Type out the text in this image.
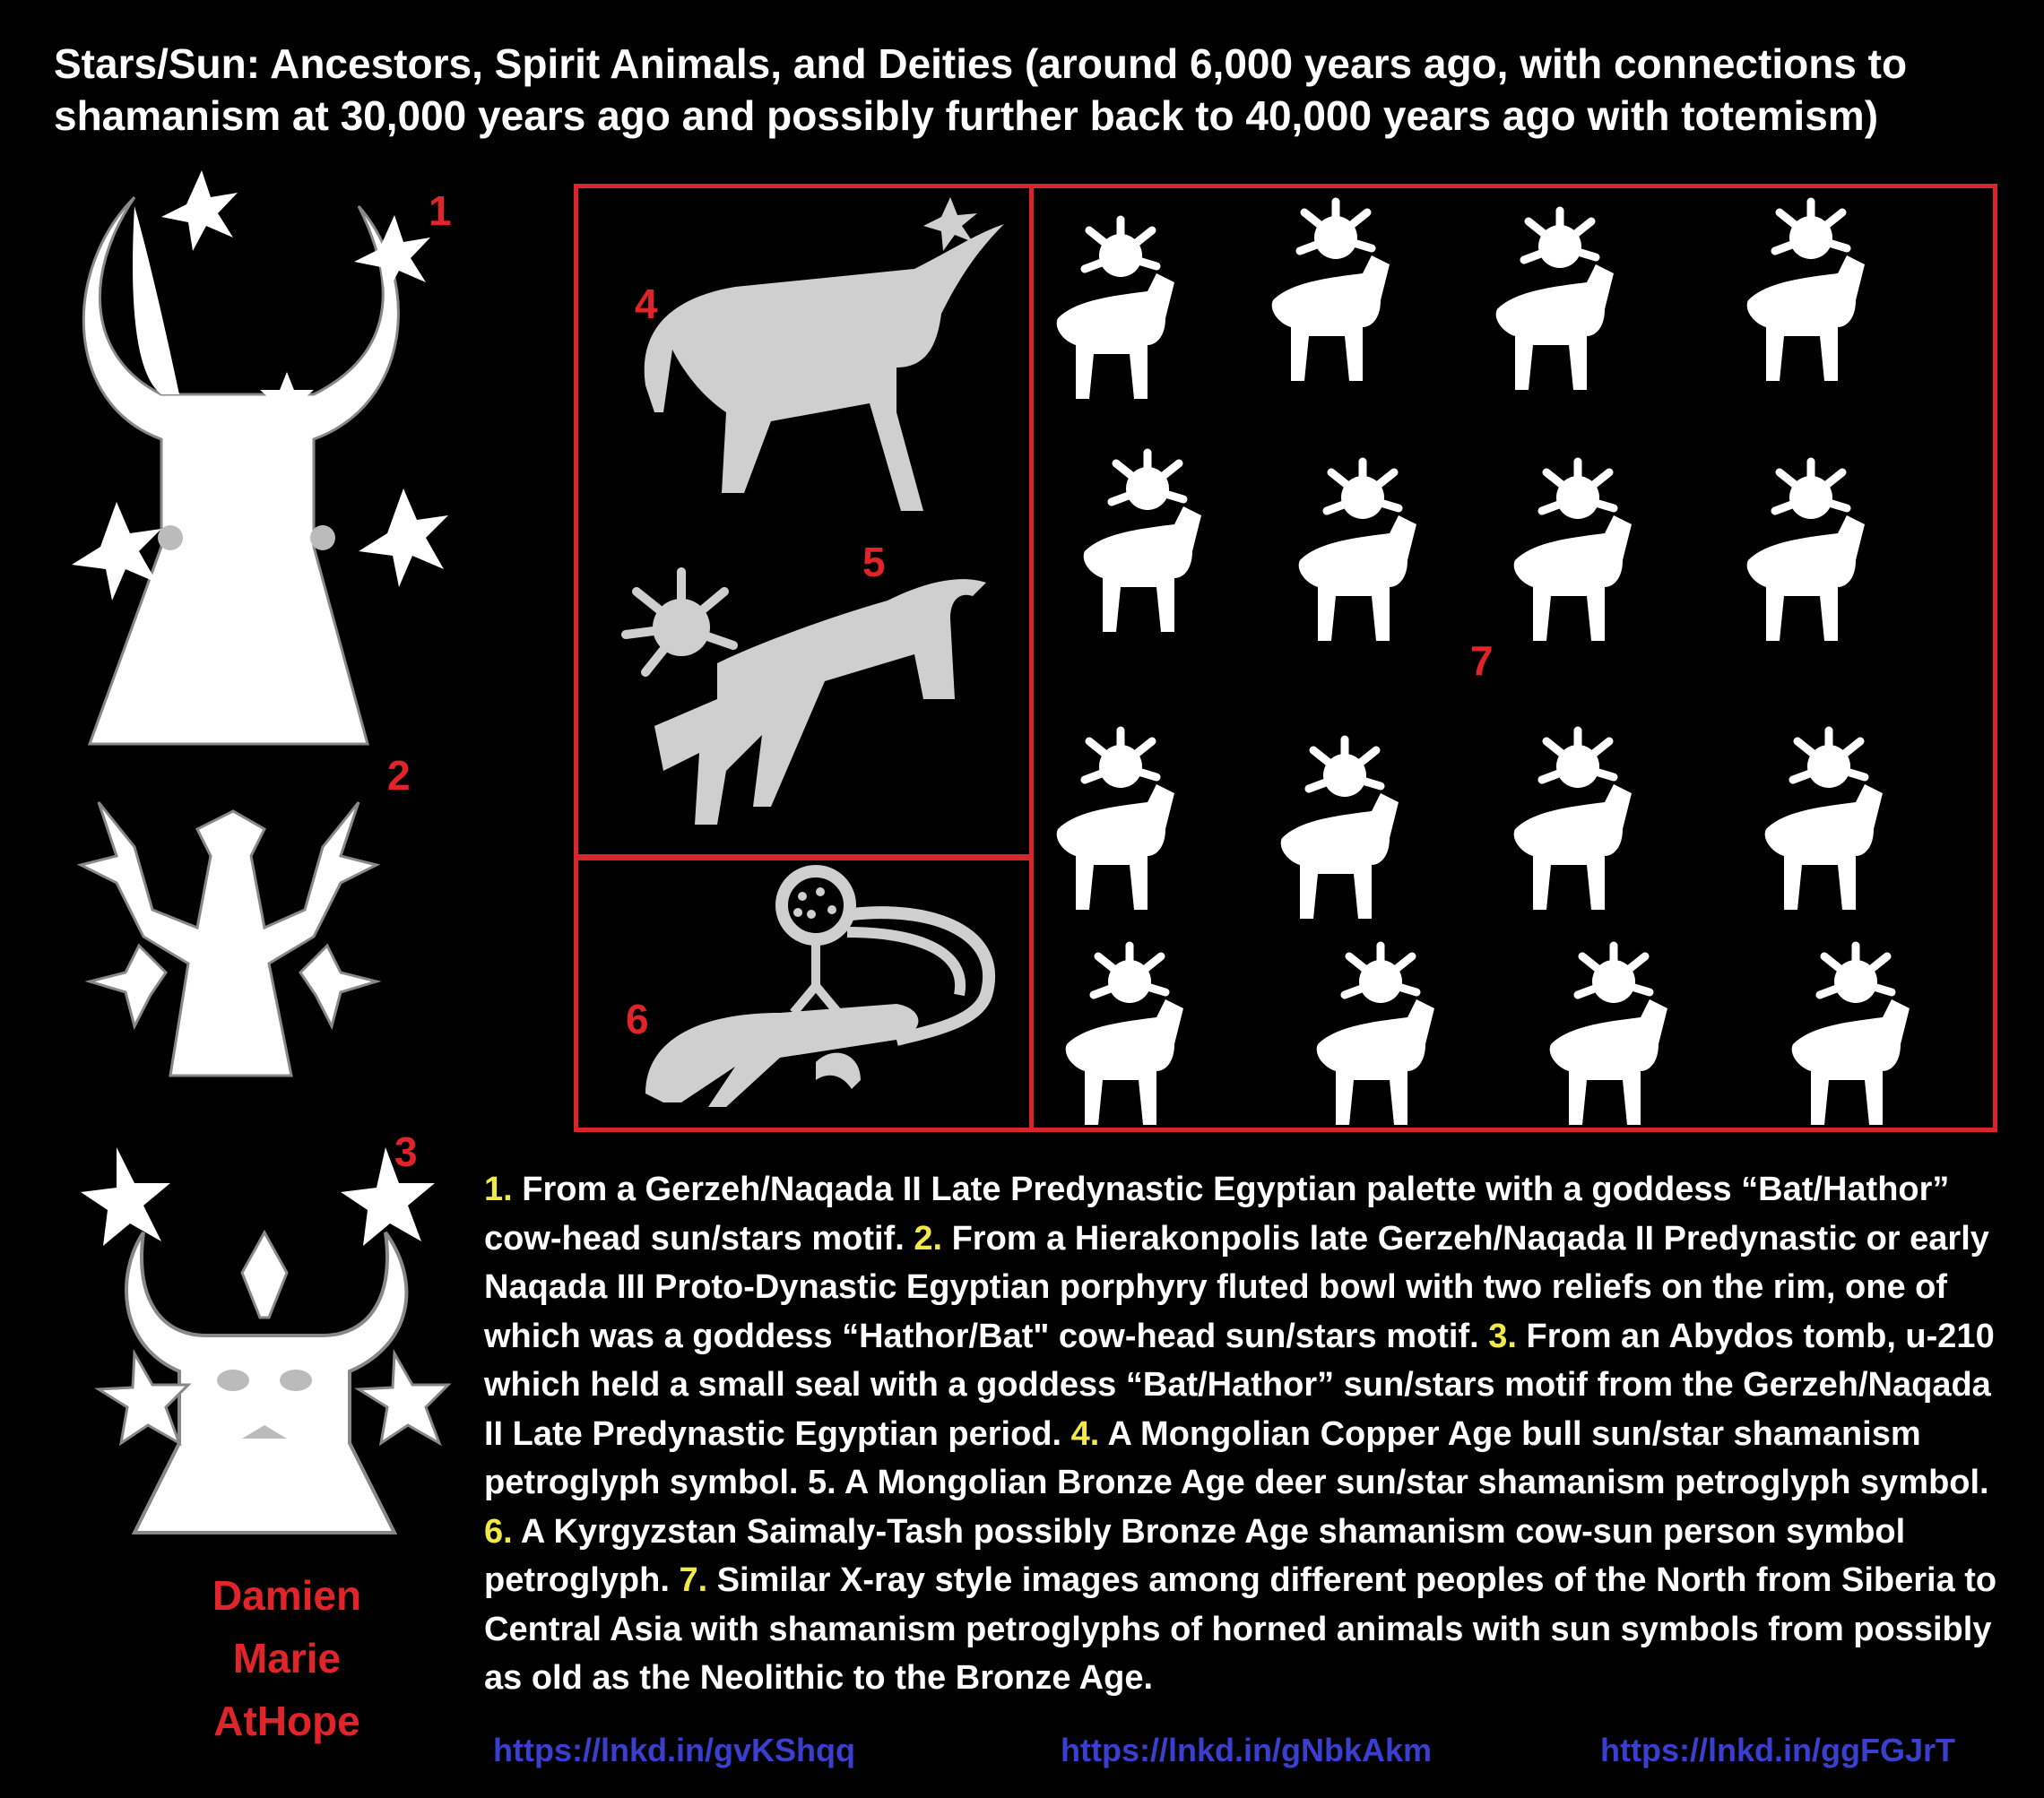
Stars/Sun: Ancestors, Spirit Animals, and Deities (around 6,000 years ago, with connections to shamanism at 30,000 years ago and possibly further back to 40,000 years ago with totemism)
1
2
3
4
5
6
7
1. From a Gerzeh/Naqada II Late Predynastic Egyptian palette with a goddess “Bat/Hathor” cow-head sun/stars motif. 2. From a Hierakonpolis late Gerzeh/Naqada II Predynastic or early Naqada III Proto-Dynastic Egyptian porphyry fluted bowl with two reliefs on the rim, one of which was a goddess “Hathor/Bat" cow-head sun/stars motif. 3. From an Abydos tomb, u-210 which held a small seal with a goddess “Bat/Hathor” sun/stars motif from the Gerzeh/Naqada II Late Predynastic Egyptian period. 4. A Mongolian Copper Age bull sun/star shamanism petroglyph symbol. 5. A Mongolian Bronze Age deer sun/star shamanism petroglyph symbol. 6. A Kyrgyzstan Saimaly-Tash possibly Bronze Age shamanism cow-sun person symbol petroglyph. 7. Similar X-ray style images among different peoples of the North from Siberia to Central Asia with shamanism petroglyphs of horned animals with sun symbols from possibly as old as the Neolithic to the Bronze Age.
Damien
Marie
AtHope
https://lnkd.in/gvKShqq	https://lnkd.in/gNbkAkm	https://lnkd.in/ggFGJrT
